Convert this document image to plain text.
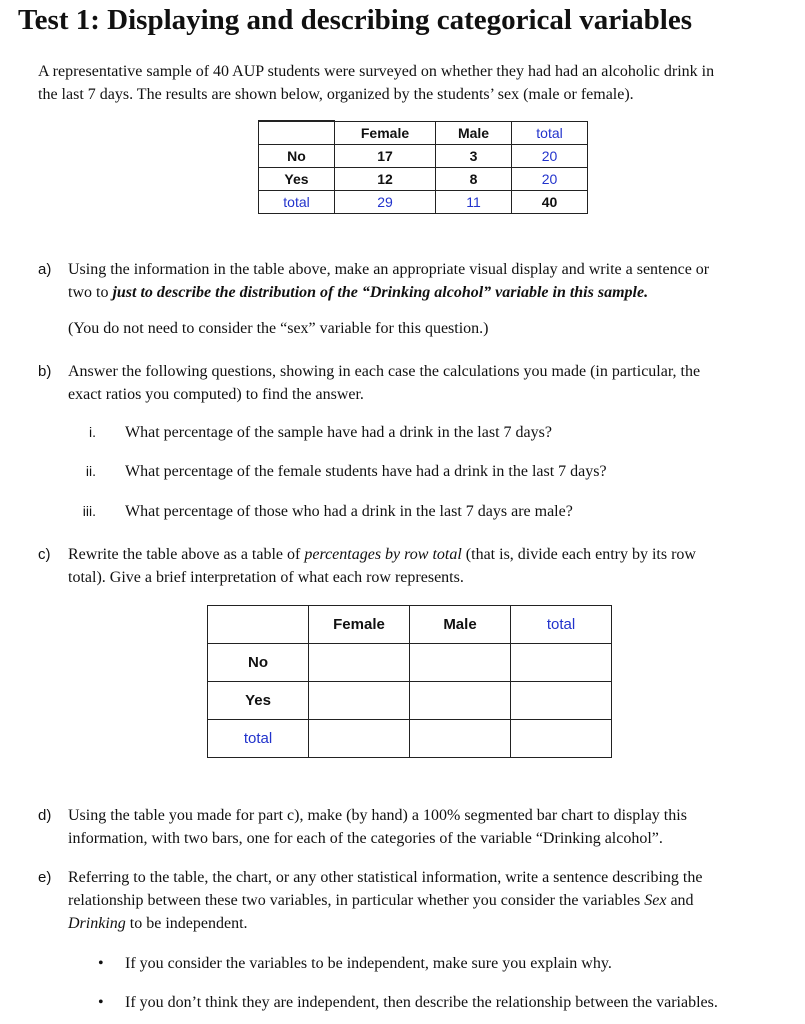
Test 1: Displaying and describing categorical variables
A representative sample of 40 AUP students were surveyed on whether they had had an alcoholic drink in
the last 7 days. The results are shown below, organized by the students’ sex (male or female).
	Female	Male	total
No	17	3	20
Yes	12	8	20
total	29	11	40
a) Using the information in the table above, make an appropriate visual display and write a sentence or
two to just to describe the distribution of the “Drinking alcohol” variable in this sample.
(You do not need to consider the “sex” variable for this question.)
b) Answer the following questions, showing in each case the calculations you made (in particular, the
exact ratios you computed) to find the answer.
i. What percentage of the sample have had a drink in the last 7 days?
ii. What percentage of the female students have had a drink in the last 7 days?
iii. What percentage of those who had a drink in the last 7 days are male?
c) Rewrite the table above as a table of percentages by row total (that is, divide each entry by its row
total). Give a brief interpretation of what each row represents.
	Female	Male	total
No			
Yes			
total			
d) Using the table you made for part c), make (by hand) a 100% segmented bar chart to display this
information, with two bars, one for each of the categories of the variable “Drinking alcohol”.
e) Referring to the table, the chart, or any other statistical information, write a sentence describing the
relationship between these two variables, in particular whether you consider the variables Sex and
Drinking to be independent.
• If you consider the variables to be independent, make sure you explain why.
• If you don’t think they are independent, then describe the relationship between the variables.
